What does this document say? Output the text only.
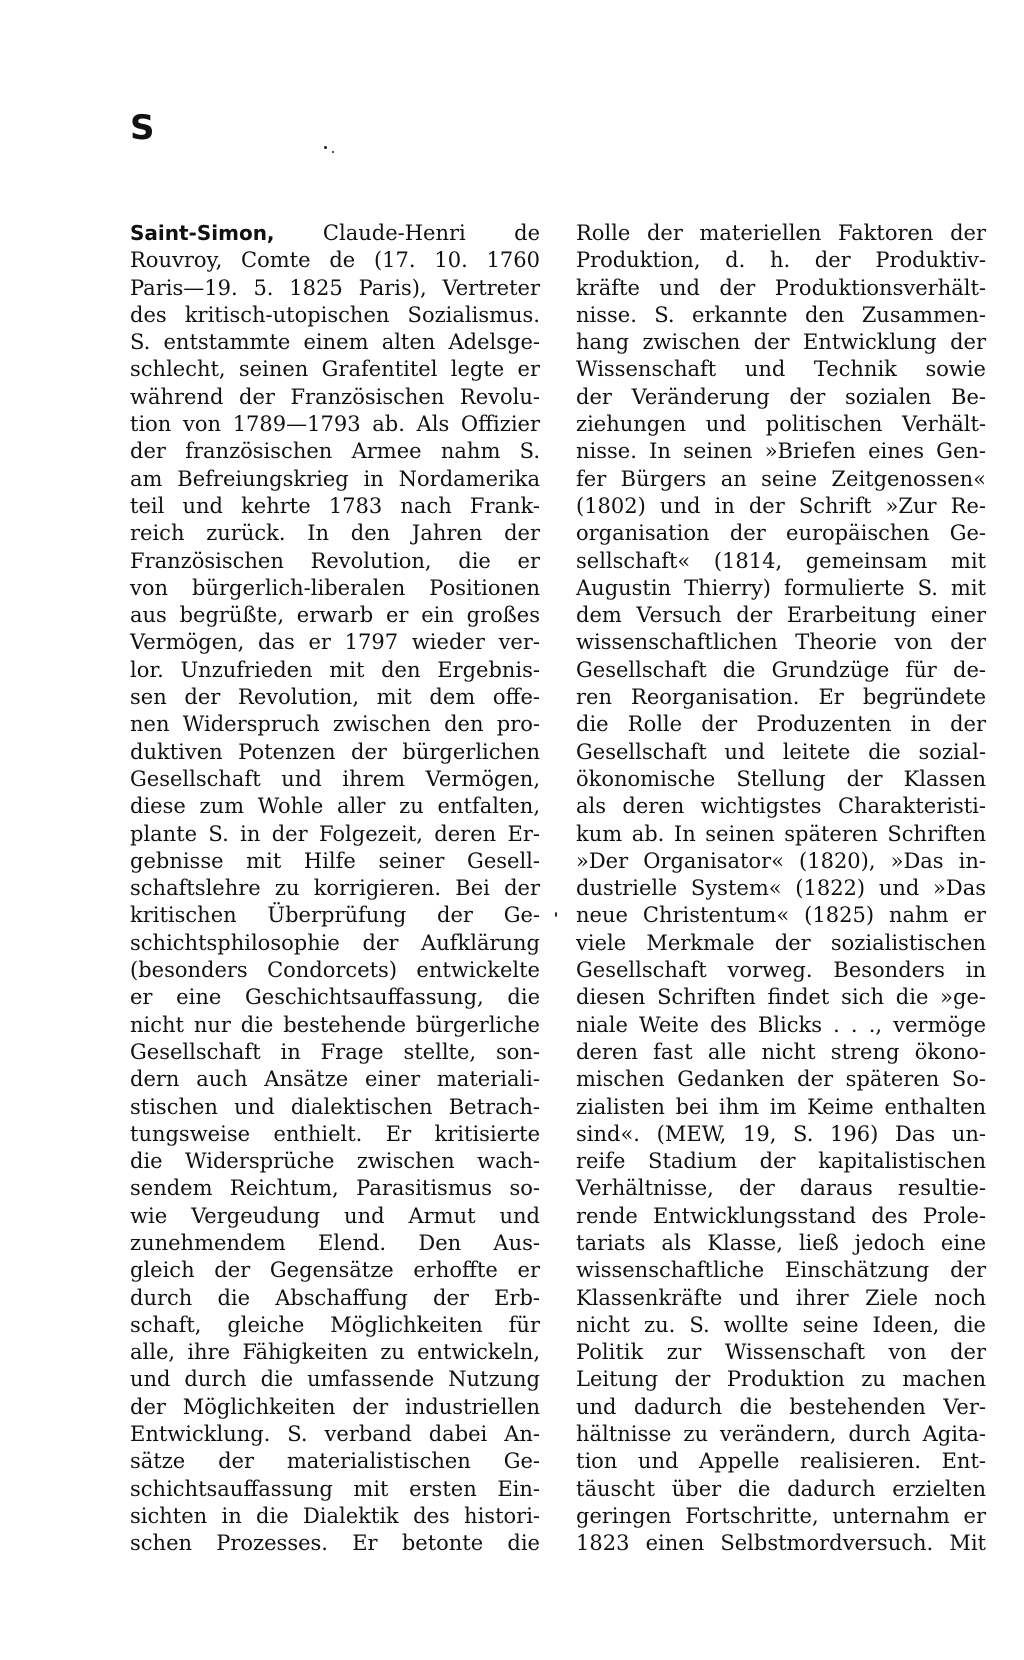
S
Saint-Simon, Claude-Henri de
Rouvroy, Comte de (17. 10. 1760
Paris—19. 5. 1825 Paris), Vertreter
des kritisch-utopischen Sozialismus.
S. entstammte einem alten Adelsge-
schlecht, seinen Grafentitel legte er
während der Französischen Revolu-
tion von 1789—1793 ab. Als Offizier
der französischen Armee nahm S.
am Befreiungskrieg in Nordamerika
teil und kehrte 1783 nach Frank-
reich zurück. In den Jahren der
Französischen Revolution, die er
von bürgerlich-liberalen Positionen
aus begrüßte, erwarb er ein großes
Vermögen, das er 1797 wieder ver-
lor. Unzufrieden mit den Ergebnis-
sen der Revolution, mit dem offe-
nen Widerspruch zwischen den pro-
duktiven Potenzen der bürgerlichen
Gesellschaft und ihrem Vermögen,
diese zum Wohle aller zu entfalten,
plante S. in der Folgezeit, deren Er-
gebnisse mit Hilfe seiner Gesell-
schaftslehre zu korrigieren. Bei der
kritischen Überprüfung der Ge-
schichtsphilosophie der Aufklärung
(besonders Condorcets) entwickelte
er eine Geschichtsauffassung, die
nicht nur die bestehende bürgerliche
Gesellschaft in Frage stellte, son-
dern auch Ansätze einer materiali-
stischen und dialektischen Betrach-
tungsweise enthielt. Er kritisierte
die Widersprüche zwischen wach-
sendem Reichtum, Parasitismus so-
wie Vergeudung und Armut und
zunehmendem Elend. Den Aus-
gleich der Gegensätze erhoffte er
durch die Abschaffung der Erb-
schaft, gleiche Möglichkeiten für
alle, ihre Fähigkeiten zu entwickeln,
und durch die umfassende Nutzung
der Möglichkeiten der industriellen
Entwicklung. S. verband dabei An-
sätze der materialistischen Ge-
schichtsauffassung mit ersten Ein-
sichten in die Dialektik des histori-
schen Prozesses. Er betonte die
Rolle der materiellen Faktoren der
Produktion, d. h. der Produktiv-
kräfte und der Produktionsverhält-
nisse. S. erkannte den Zusammen-
hang zwischen der Entwicklung der
Wissenschaft und Technik sowie
der Veränderung der sozialen Be-
ziehungen und politischen Verhält-
nisse. In seinen »Briefen eines Gen-
fer Bürgers an seine Zeitgenossen«
(1802) und in der Schrift »Zur Re-
organisation der europäischen Ge-
sellschaft« (1814, gemeinsam mit
Augustin Thierry) formulierte S. mit
dem Versuch der Erarbeitung einer
wissenschaftlichen Theorie von der
Gesellschaft die Grundzüge für de-
ren Reorganisation. Er begründete
die Rolle der Produzenten in der
Gesellschaft und leitete die sozial-
ökonomische Stellung der Klassen
als deren wichtigstes Charakteristi-
kum ab. In seinen späteren Schriften
»Der Organisator« (1820), »Das in-
dustrielle System« (1822) und »Das
neue Christentum« (1825) nahm er
viele Merkmale der sozialistischen
Gesellschaft vorweg. Besonders in
diesen Schriften findet sich die »ge-
niale Weite des Blicks . . ., vermöge
deren fast alle nicht streng ökono-
mischen Gedanken der späteren So-
zialisten bei ihm im Keime enthalten
sind«. (MEW, 19, S. 196) Das un-
reife Stadium der kapitalistischen
Verhältnisse, der daraus resultie-
rende Entwicklungsstand des Prole-
tariats als Klasse, ließ jedoch eine
wissenschaftliche Einschätzung der
Klassenkräfte und ihrer Ziele noch
nicht zu. S. wollte seine Ideen, die
Politik zur Wissenschaft von der
Leitung der Produktion zu machen
und dadurch die bestehenden Ver-
hältnisse zu verändern, durch Agita-
tion und Appelle realisieren. Ent-
täuscht über die dadurch erzielten
geringen Fortschritte, unternahm er
1823 einen Selbstmordversuch. Mit
